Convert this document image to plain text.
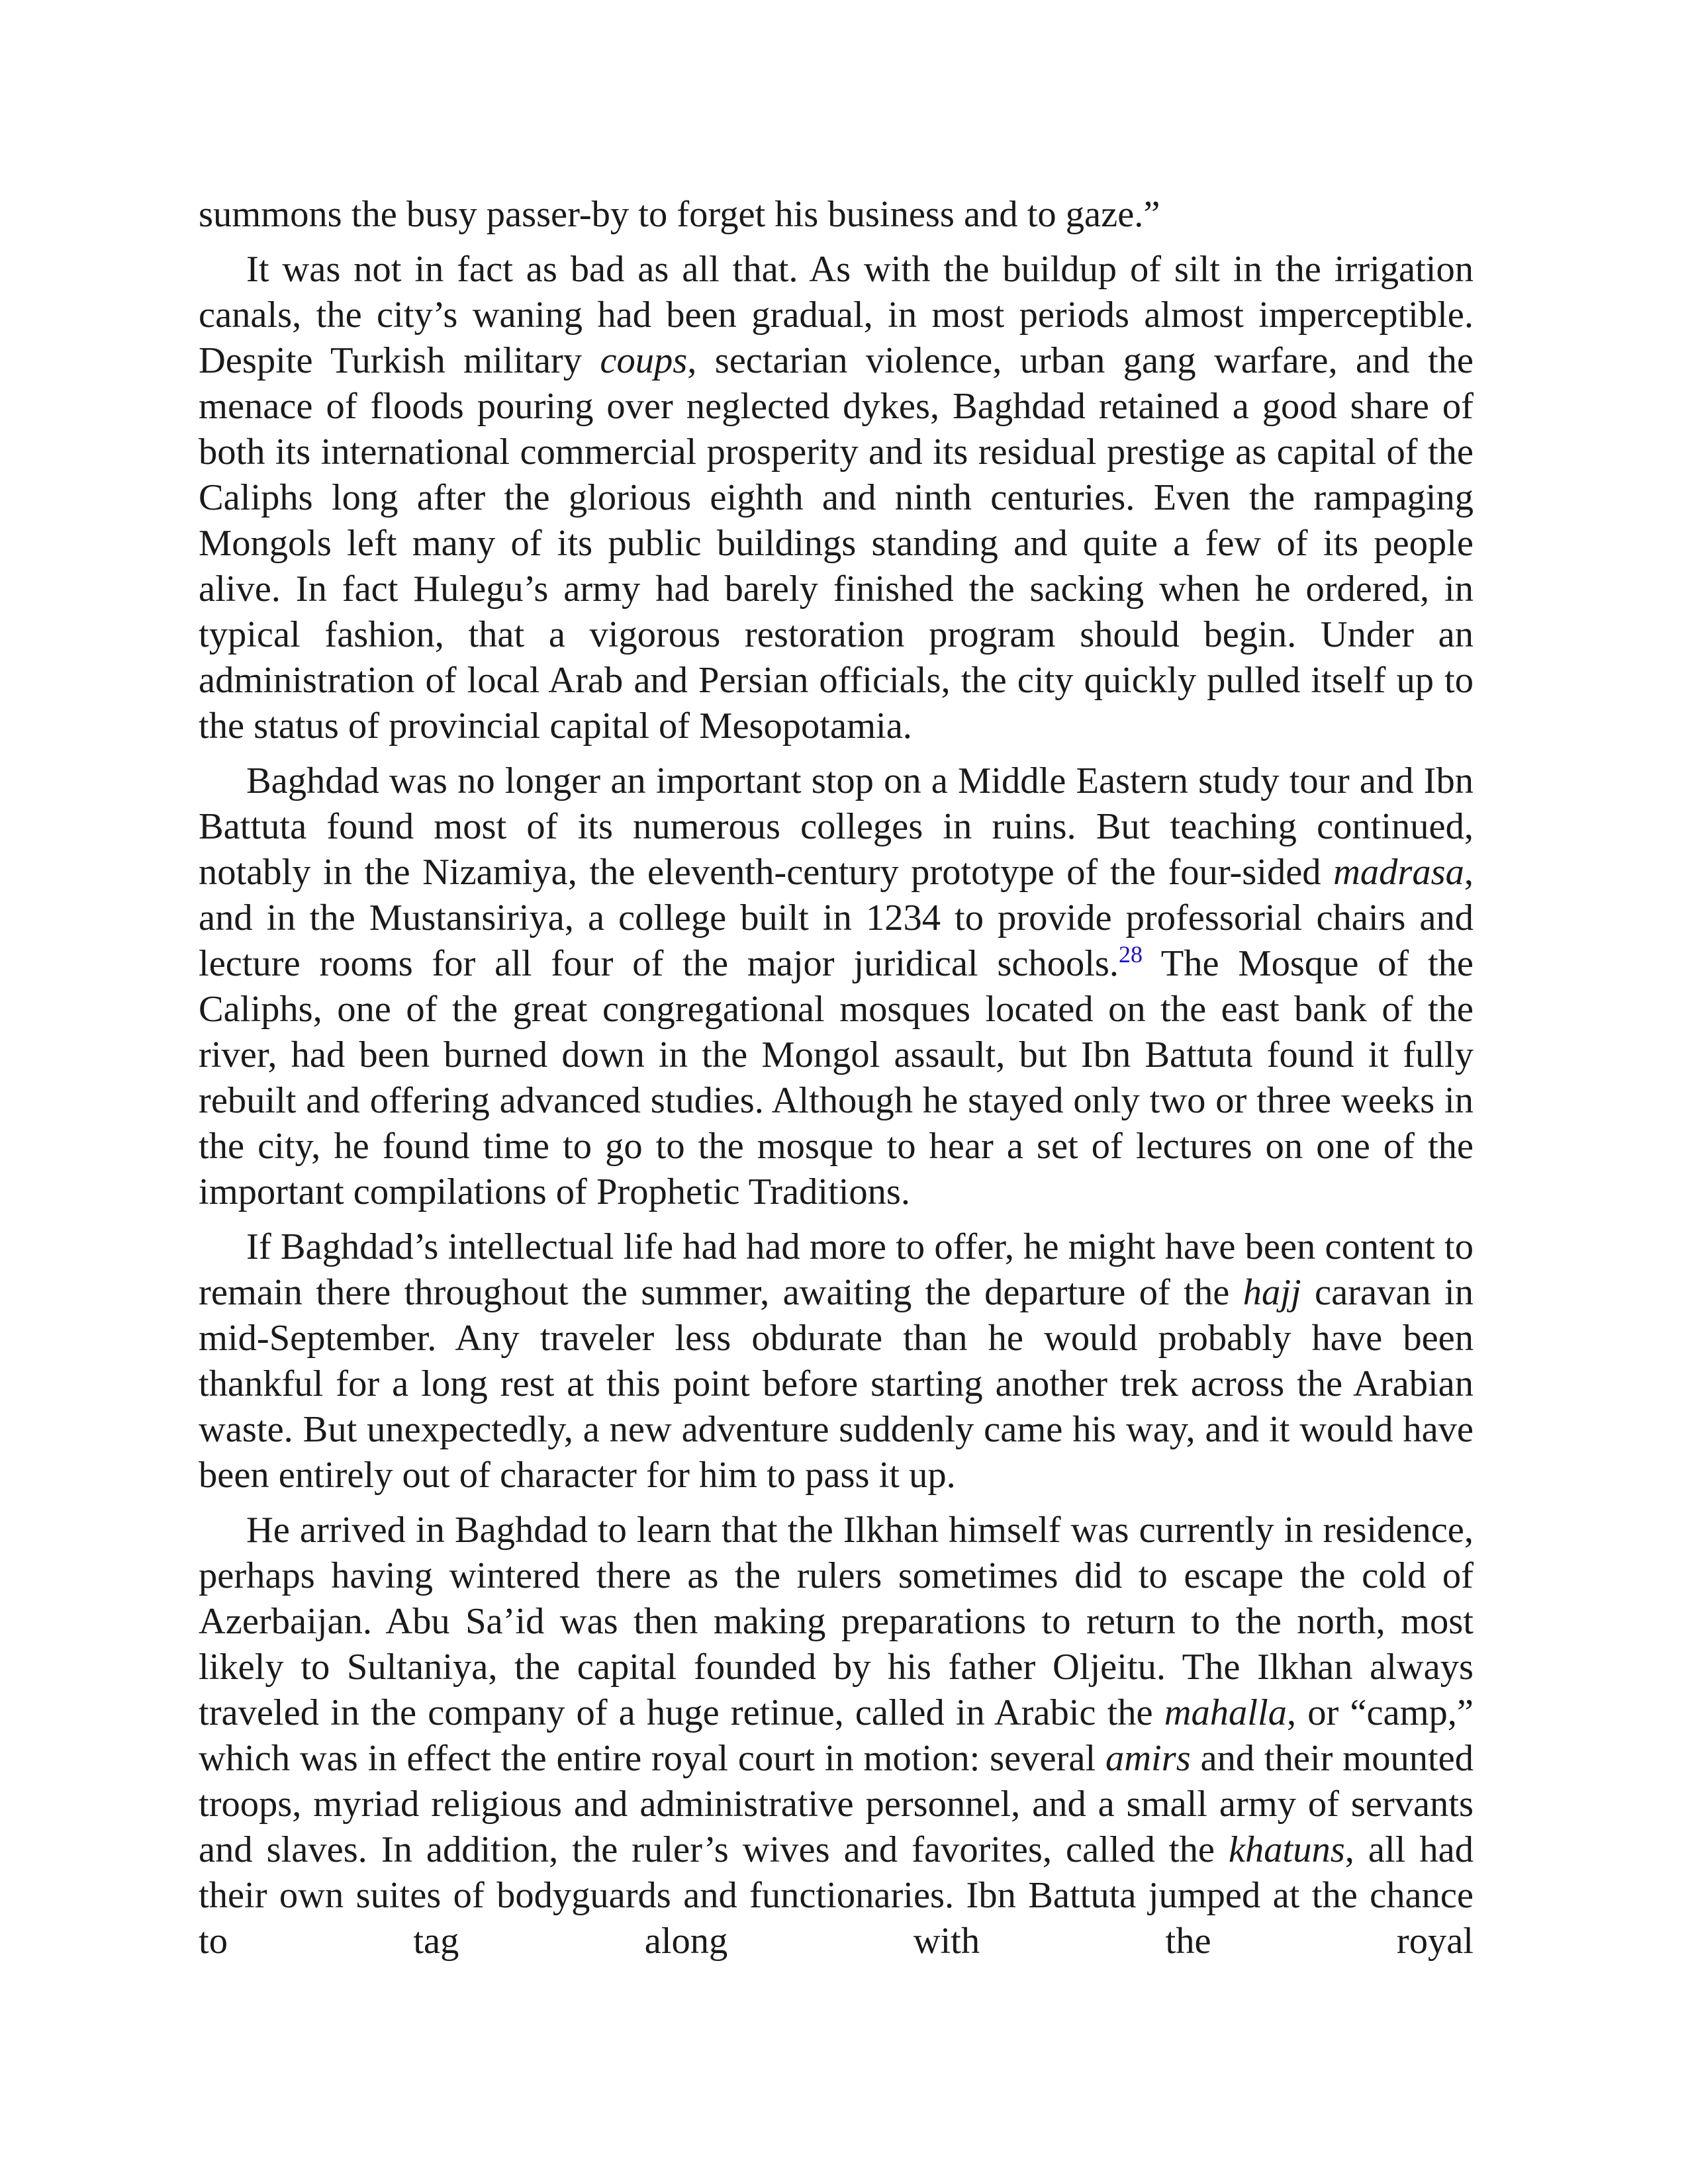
summons the busy passer-by to forget his business and to gaze.”

It was not in fact as bad as all that. As with the buildup of silt in the irrigation canals, the city’s waning had been gradual, in most periods almost imperceptible. Despite Turkish military coups, sectarian violence, urban gang warfare, and the menace of floods pouring over neglected dykes, Baghdad retained a good share of both its international commercial prosperity and its residual prestige as capital of the Caliphs long after the glorious eighth and ninth centuries. Even the rampaging Mongols left many of its public buildings standing and quite a few of its people alive. In fact Hulegu’s army had barely finished the sacking when he ordered, in typical fashion, that a vigorous restoration program should begin. Under an administration of local Arab and Persian officials, the city quickly pulled itself up to the status of provincial capital of Mesopotamia.

Baghdad was no longer an important stop on a Middle Eastern study tour and Ibn Battuta found most of its numerous colleges in ruins. But teaching continued, notably in the Nizamiya, the eleventh-century prototype of the four-sided madrasa, and in the Mustansiriya, a college built in 1234 to provide professorial chairs and lecture rooms for all four of the major juridical schools.$^{28}$ The Mosque of the Caliphs, one of the great congregational mosques located on the east bank of the river, had been burned down in the Mongol assault, but Ibn Battuta found it fully rebuilt and offering advanced studies. Although he stayed only two or three weeks in the city, he found time to go to the mosque to hear a set of lectures on one of the important compilations of Prophetic Traditions.

If Baghdad’s intellectual life had had more to offer, he might have been content to remain there throughout the summer, awaiting the departure of the hajj caravan in mid-September. Any traveler less obdurate than he would probably have been thankful for a long rest at this point before starting another trek across the Arabian waste. But unexpectedly, a new adventure suddenly came his way, and it would have been entirely out of character for him to pass it up.

He arrived in Baghdad to learn that the Ilkhan himself was currently in residence, perhaps having wintered there as the rulers sometimes did to escape the cold of Azerbaijan. Abu Sa’id was then making preparations to return to the north, most likely to Sultaniya, the capital founded by his father Oljeitu. The Ilkhan always traveled in the company of a huge retinue, called in Arabic the mahalla, or “camp,” which was in effect the entire royal court in motion: several amirs and their mounted troops, myriad religious and administrative personnel, and a small army of servants and slaves. In addition, the ruler’s wives and favorites, called the khatuns, all had their own suites of bodyguards and functionaries. Ibn Battuta jumped at the chance to tag along with the royal
